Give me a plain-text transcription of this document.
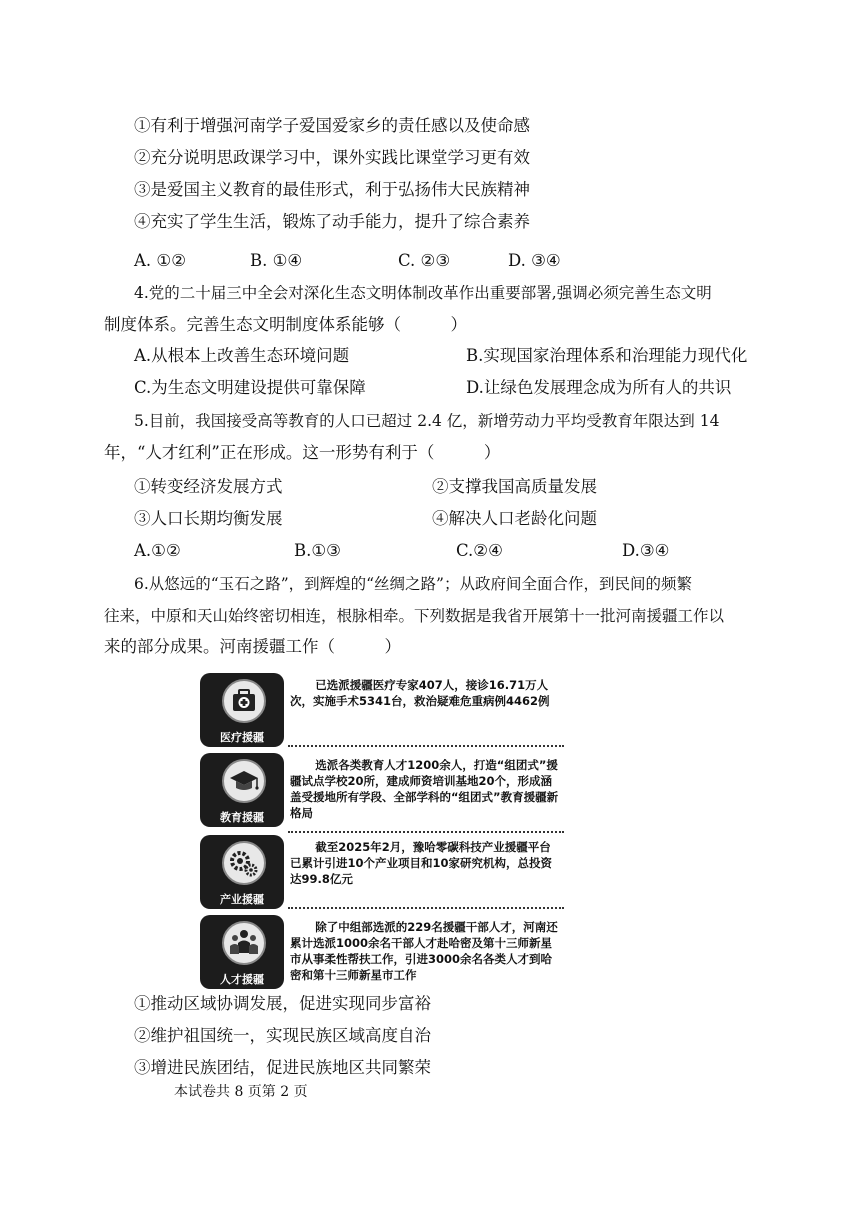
①有利于增强河南学子爱国爱家乡的责任感以及使命感
②充分说明思政课学习中，课外实践比课堂学习更有效
③是爱国主义教育的最佳形式，利于弘扬伟大民族精神
④充实了学生生活，锻炼了动手能力，提升了综合素养
A. ①②	B. ①④	C. ②③	D. ③④
4.党的二十届三中全会对深化生态文明体制改革作出重要部署,强调必须完善生态文明
制度体系。完善生态文明制度体系能够（　　　）
A.从根本上改善生态环境问题	B.实现国家治理体系和治理能力现代化
C.为生态文明建设提供可靠保障	D.让绿色发展理念成为所有人的共识
5.目前，我国接受高等教育的人口已超过 2.4 亿，新增劳动力平均受教育年限达到 14
年，“人才红利”正在形成。这一形势有利于（　　　）
①转变经济发展方式	②支撑我国高质量发展
③人口长期均衡发展	④解决人口老龄化问题
A.①②	B.①③	C.②④	D.③④
6.从悠远的“玉石之路”，到辉煌的“丝绸之路”；从政府间全面合作，到民间的频繁
往来，中原和天山始终密切相连，根脉相牵。下列数据是我省开展第十一批河南援疆工作以
来的部分成果。河南援疆工作（　　　）
医疗援疆
已选派援疆医疗专家407人，接诊16.71万人次，实施手术5341台，救治疑难危重病例4462例
教育援疆
选派各类教育人才1200余人，打造“组团式”援疆试点学校20所，建成师资培训基地20个，形成涵盖受援地所有学段、全部学科的“组团式”教育援疆新格局
产业援疆
截至2025年2月，豫哈零碳科技产业援疆平台已累计引进10个产业项目和10家研究机构，总投资达99.8亿元
人才援疆
除了中组部选派的229名援疆干部人才，河南还累计选派1000余名干部人才赴哈密及第十三师新星市从事柔性帮扶工作，引进3000余名各类人才到哈密和第十三师新星市工作
①推动区域协调发展，促进实现同步富裕
②维护祖国统一，实现民族区域高度自治
③增进民族团结，促进民族地区共同繁荣
本试卷共 8 页第 2 页
